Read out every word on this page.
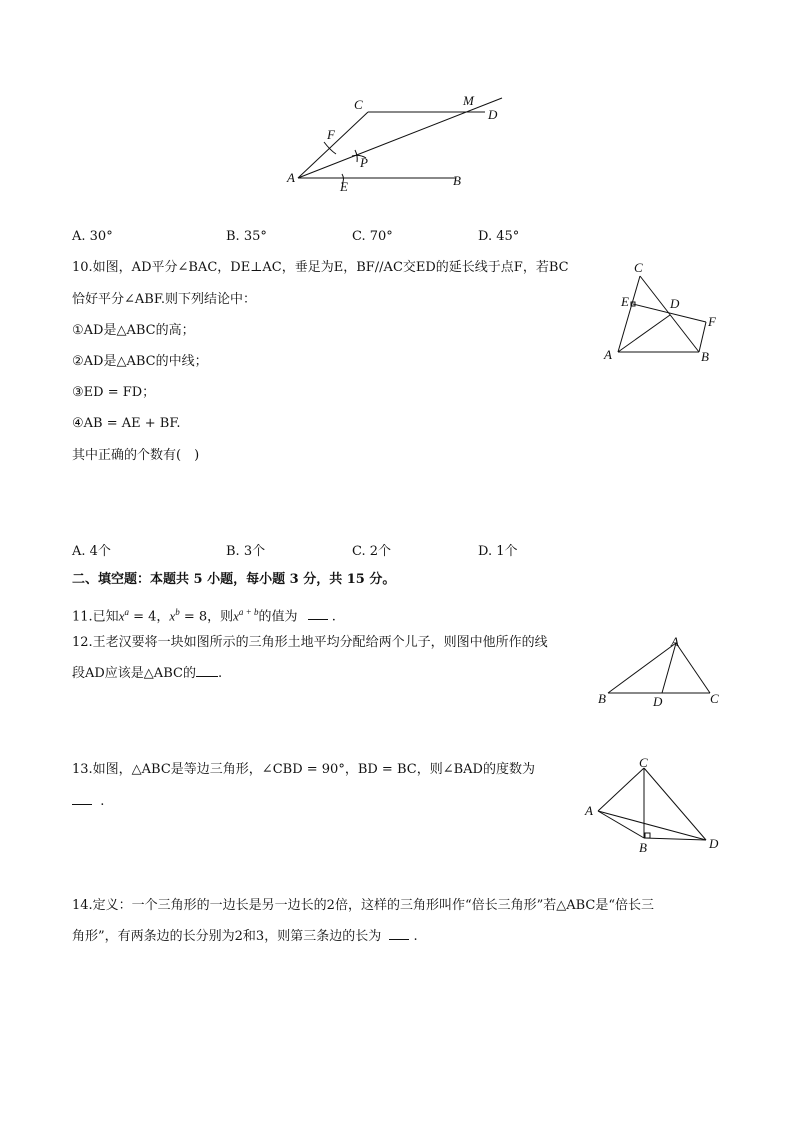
C	M
D
F
P
A
E	B
A. 30°	B. 35°	C. 70°	D. 45°
10.如图，AD平分∠BAC，DE⊥AC，垂足为E，BF//AC交ED的延长线于点F，若BC
恰好平分∠ABF.则下列结论中：
①AD是△ABC的高；
②AD是△ABC的中线；
③ED = FD；
④AB = AE + BF.
其中正确的个数有(　)
C
E	D
F
A	B
A. 4个	B. 3个	C. 2个	D. 1个
二、填空题：本题共 5 小题，每小题 3 分，共 15 分。
11.已知$x^a = 4$，$x^b = 8$，则$x^{a + b}$的值为  .
12.王老汉要将一块如图所示的三角形土地平均分配给两个儿子，则图中他所作的线
段AD应该是△ABC的 .
A
B	D	C
13.如图，△ABC是等边三角形，∠CBD = 90°，BD = BC，则∠BAD的度数为
.
C
A
B	D
14.定义：一个三角形的一边长是另一边长的2倍，这样的三角形叫作“倍长三角形”若△ABC是“倍长三
角形”，有两条边的长分别为2和3，则第三条边的长为  .
